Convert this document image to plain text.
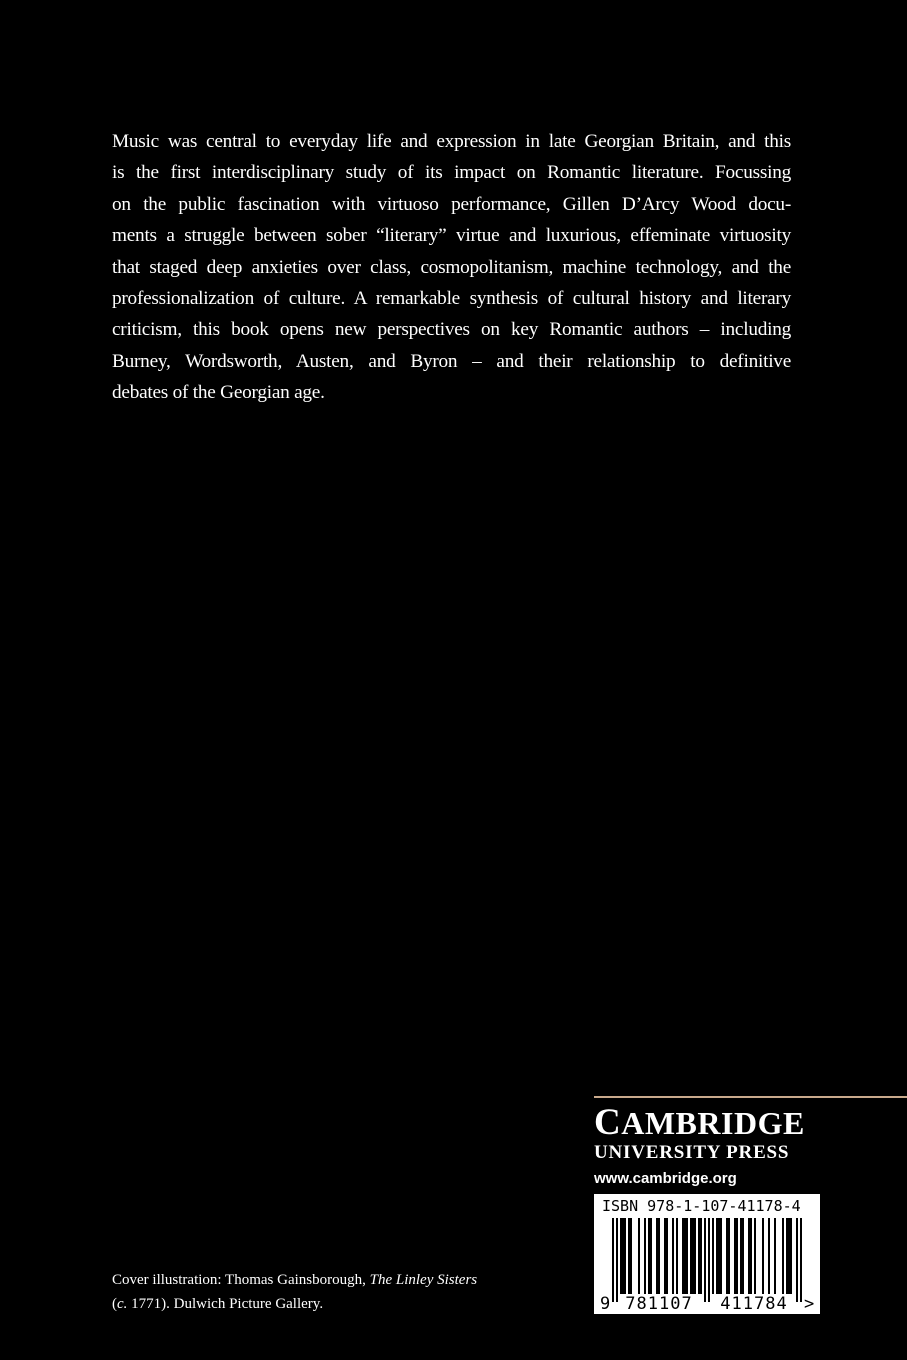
Music was central to everyday life and expression in late Georgian Britain, and this
is the first interdisciplinary study of its impact on Romantic literature. Focussing
on the public fascination with virtuoso performance, Gillen D’Arcy Wood docu-
ments a struggle between sober “literary” virtue and luxurious, effeminate virtuosity
that staged deep anxieties over class, cosmopolitanism, machine technology, and the
professionalization of culture. A remarkable synthesis of cultural history and literary
criticism, this book opens new perspectives on key Romantic authors – including
Burney, Wordsworth, Austen, and Byron – and their relationship to definitive
debates of the Georgian age.
CAMBRIDGE
UNIVERSITY PRESS
www.cambridge.org
ISBN 978-1-107-41178-4
9 781107 411784 >
Cover illustration: Thomas Gainsborough, The Linley Sisters
(c. 1771). Dulwich Picture Gallery.
